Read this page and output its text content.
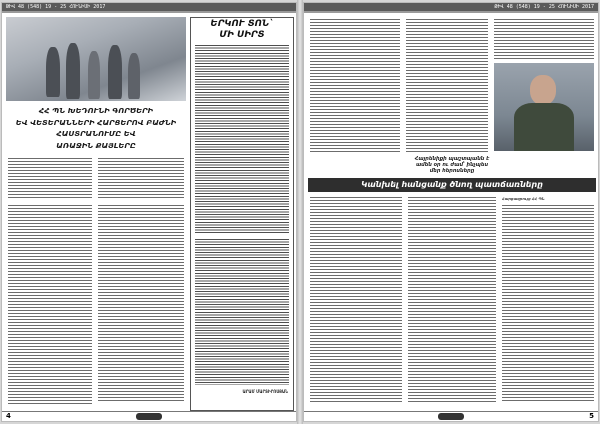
ԹԻՎ 48 (548) 19 - 25 ՀՈՒՆԻՍԻ 2017
ՀՀ ՊՆ ԽԵԴՈՒՆԻ ԳՈՐԾԵՐԻ
ԵՎ ՎԵՏԵՐԱՆՆԵՐԻ ՀԱՐՑԵՐՈՎ ԲԱԺՆԻ
ՀԱՍՏՐԱՆՈՒՄԸ ԵՎ
ԱՌԱՋԻՆ ՔԱՅԼԵՐԸ
ԵՐԿՈՒ ՏՈՆ`
ՄԻ ՍԻՐՏ
ԱՐԱՄ ՄԱՐՏԻՐՈՍՅԱՆ
4
ԹԻՎ 48 (548) 19 - 25 ՀՈՒՆԻՍԻ 2017
Հայրենիքի պաշտպանն է
ամեն օր ու ժամ՝ ինչպես
մեր հերոսները
Կանխել հանցանք ծնող պատճառները
Հարցազրույց ՀՀ ՊՆ
5
